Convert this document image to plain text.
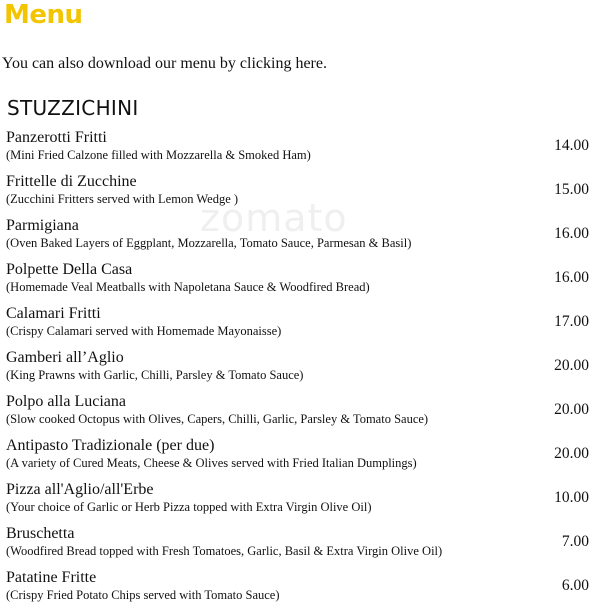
Menu
You can also download our menu by clicking here.
STUZZICHINI
zomato
Panzerotti Fritti
(Mini Fried Calzone filled with Mozzarella & Smoked Ham)
14.00
Frittelle di Zucchine
(Zucchini Fritters served with Lemon Wedge )
15.00
Parmigiana
(Oven Baked Layers of Eggplant, Mozzarella, Tomato Sauce, Parmesan & Basil)
16.00
Polpette Della Casa
(Homemade Veal Meatballs with Napoletana Sauce & Woodfired Bread)
16.00
Calamari Fritti
(Crispy Calamari served with Homemade Mayonaisse)
17.00
Gamberi all’Aglio
(King Prawns with Garlic, Chilli, Parsley & Tomato Sauce)
20.00
Polpo alla Luciana
(Slow cooked Octopus with Olives, Capers, Chilli, Garlic, Parsley & Tomato Sauce)
20.00
Antipasto Tradizionale (per due)
(A variety of Cured Meats, Cheese & Olives served with Fried Italian Dumplings)
20.00
Pizza all'Aglio/all'Erbe
(Your choice of Garlic or Herb Pizza topped with Extra Virgin Olive Oil)
10.00
Bruschetta
(Woodfired Bread topped with Fresh Tomatoes, Garlic, Basil & Extra Virgin Olive Oil)
7.00
Patatine Fritte
(Crispy Fried Potato Chips served with Tomato Sauce)
6.00
